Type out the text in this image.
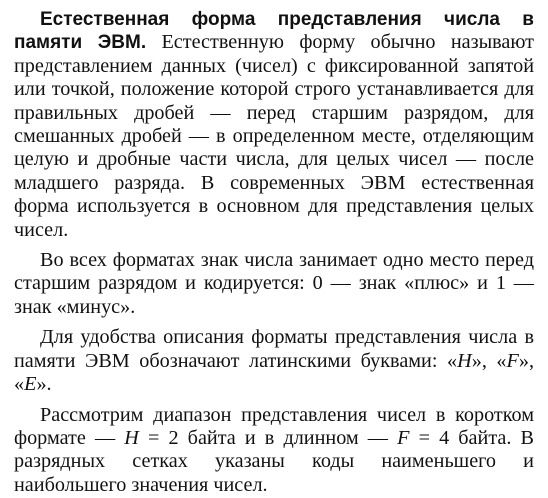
Естественная форма представления числа в памяти ЭВМ. Естественную форму обычно называют представлением данных (чисел) с фиксированной запятой или точкой, положение которой строго устанавливается для правильных дробей — перед старшим разрядом, для смешанных дробей — в определенном месте, отделяющим целую и дробные части числа, для целых чисел — после младшего разряда. В современных ЭВМ естественная форма используется в основном для представления целых чисел.

Во всех форматах знак числа занимает одно место перед старшим разрядом и кодируется: 0 — знак «плюс» и 1 — знак «минус».

Для удобства описания форматы представления числа в памяти ЭВМ обозначают латинскими буквами: «H», «F», «E».

Рассмотрим диапазон представления чисел в коротком формате — H = 2 байта и в длинном — F = 4 байта. В разрядных сетках указаны коды наименьшего и наибольшего значения чисел.
